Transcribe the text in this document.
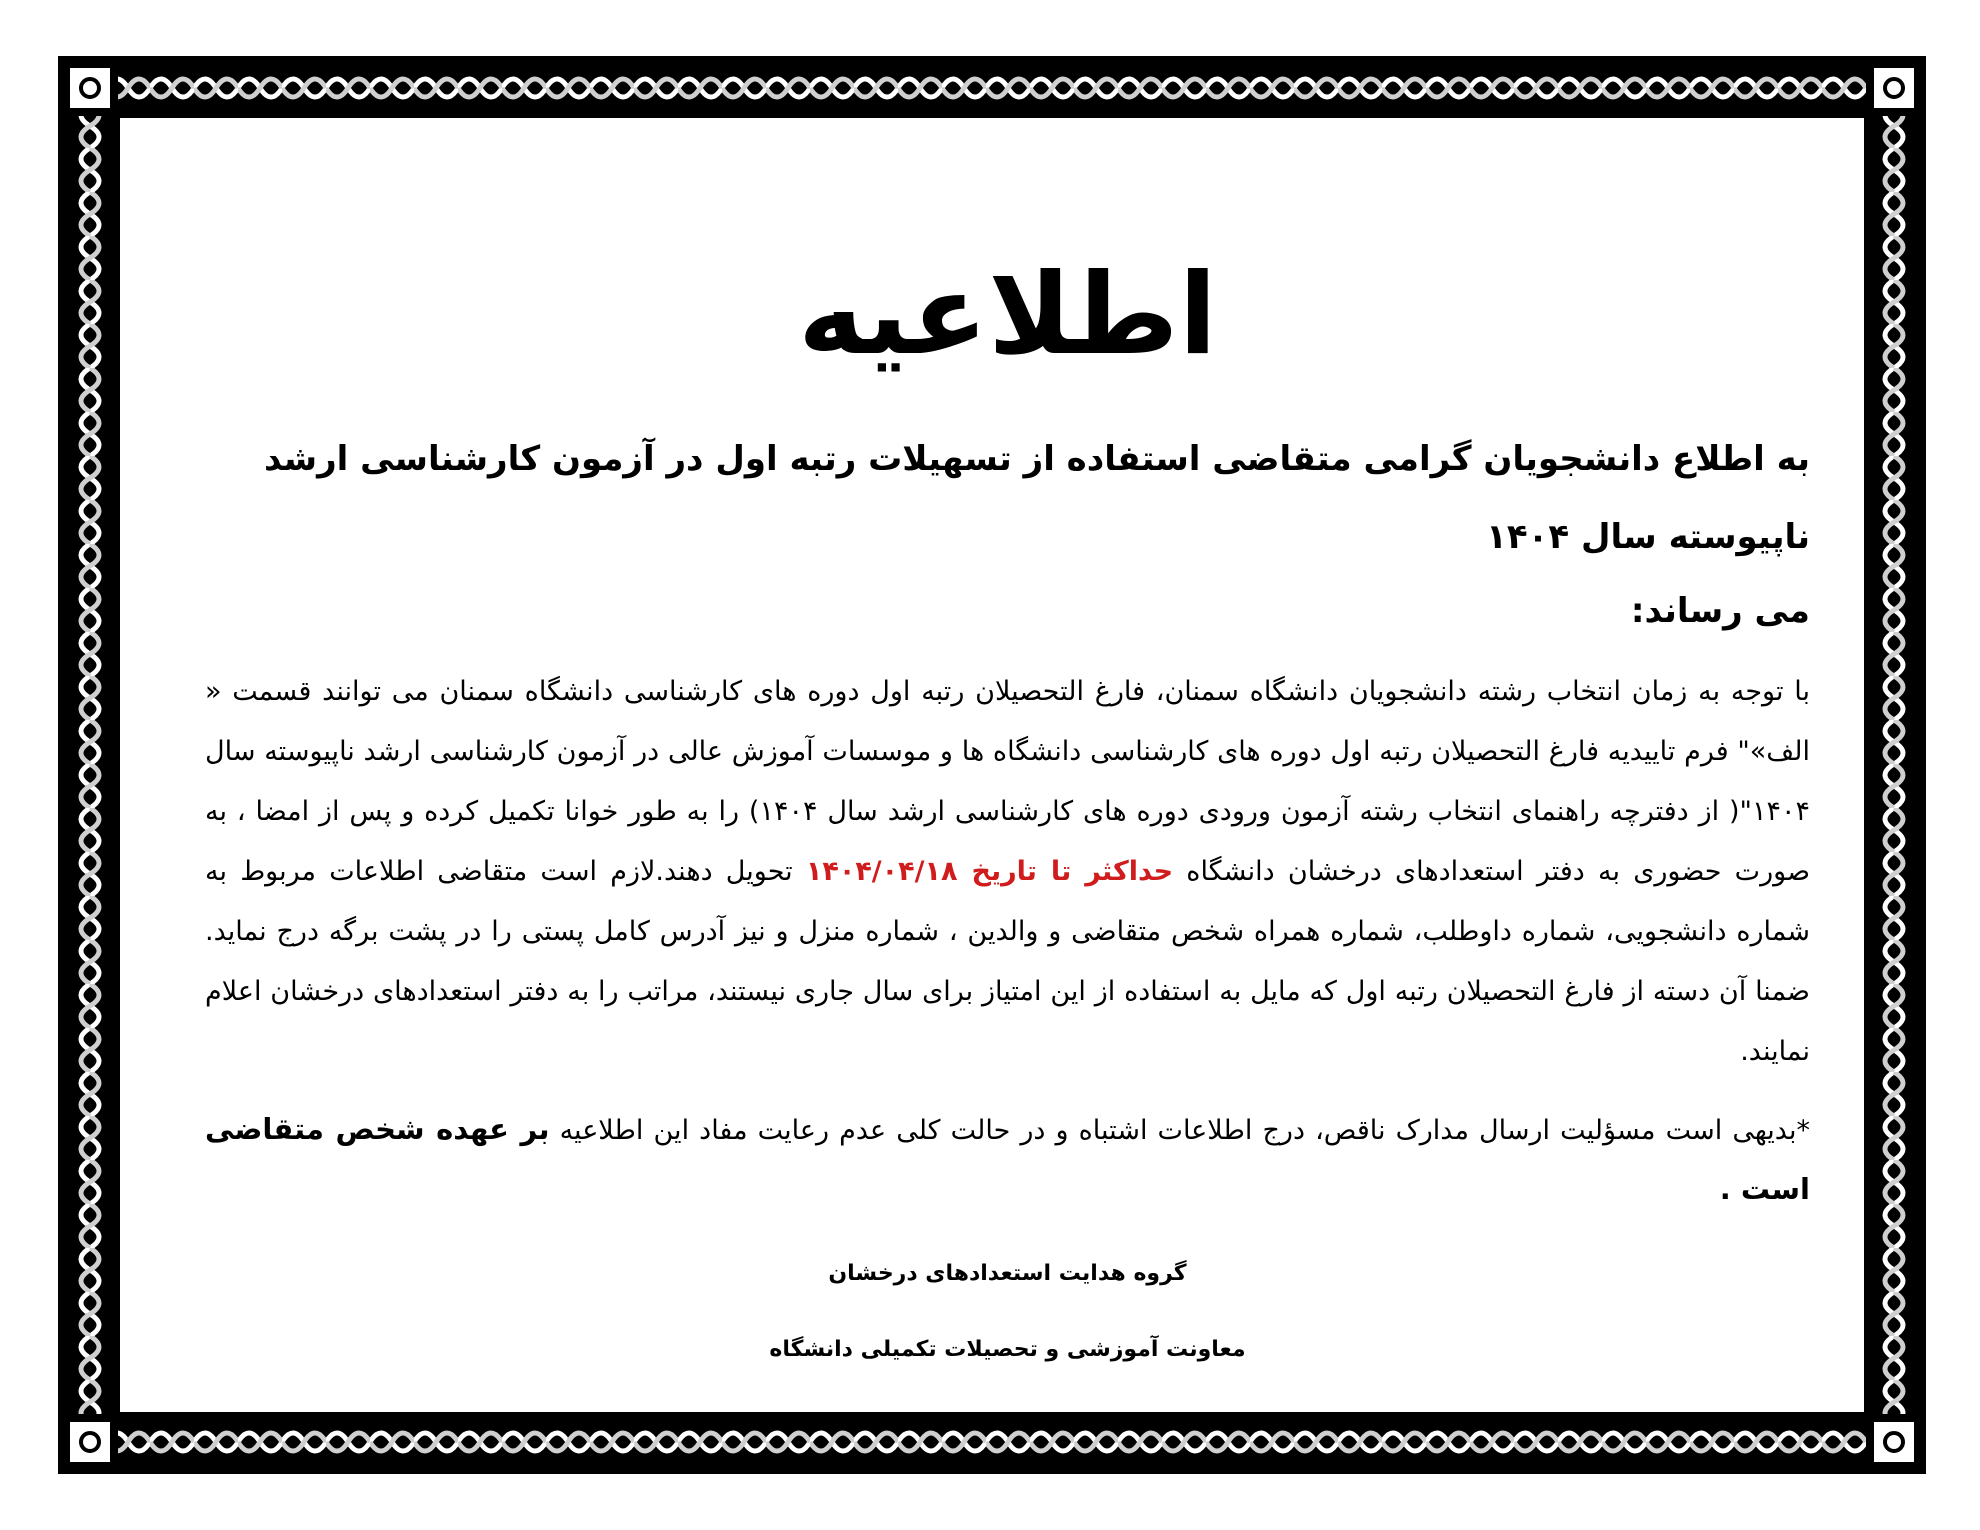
اطلاعیه
به اطلاع دانشجویان گرامی متقاضی استفاده از تسهیلات رتبه اول در آزمون کارشناسی ارشد ناپیوسته سال ۱۴۰۴
می رساند:
با توجه به زمان انتخاب رشته دانشجویان دانشگاه سمنان، فارغ التحصیلان رتبه اول دوره های کارشناسی دانشگاه سمنان می توانند قسمت « الف»" فرم تاییدیه فارغ التحصیلان رتبه اول دوره های کارشناسی دانشگاه ها و موسسات آموزش عالی در آزمون کارشناسی ارشد ناپیوسته سال ۱۴۰۴"( از دفترچه راهنمای انتخاب رشته آزمون ورودی دوره های کارشناسی ارشد سال ۱۴۰۴) را به طور خوانا تکمیل کرده و پس از امضا ، به صورت حضوری به دفتر استعدادهای درخشان دانشگاه حداکثر تا تاریخ ۱۴۰۴/۰۴/۱۸ تحویل دهند.لازم است متقاضی اطلاعات مربوط به شماره دانشجویی، شماره داوطلب، شماره همراه شخص متقاضی و والدین ، شماره منزل و نیز آدرس کامل پستی را در پشت برگه درج نماید. ضمنا آن دسته از فارغ التحصیلان رتبه اول که مایل به استفاده از این امتیاز برای سال جاری نیستند، مراتب را به دفتر استعدادهای درخشان اعلام نمایند.
*بدیهی است مسؤلیت ارسال مدارک ناقص، درج اطلاعات اشتباه و در حالت کلی عدم رعایت مفاد این اطلاعیه بر عهده شخص متقاضی است .
گروه هدایت استعدادهای درخشان
معاونت آموزشی و تحصیلات تکمیلی دانشگاه
